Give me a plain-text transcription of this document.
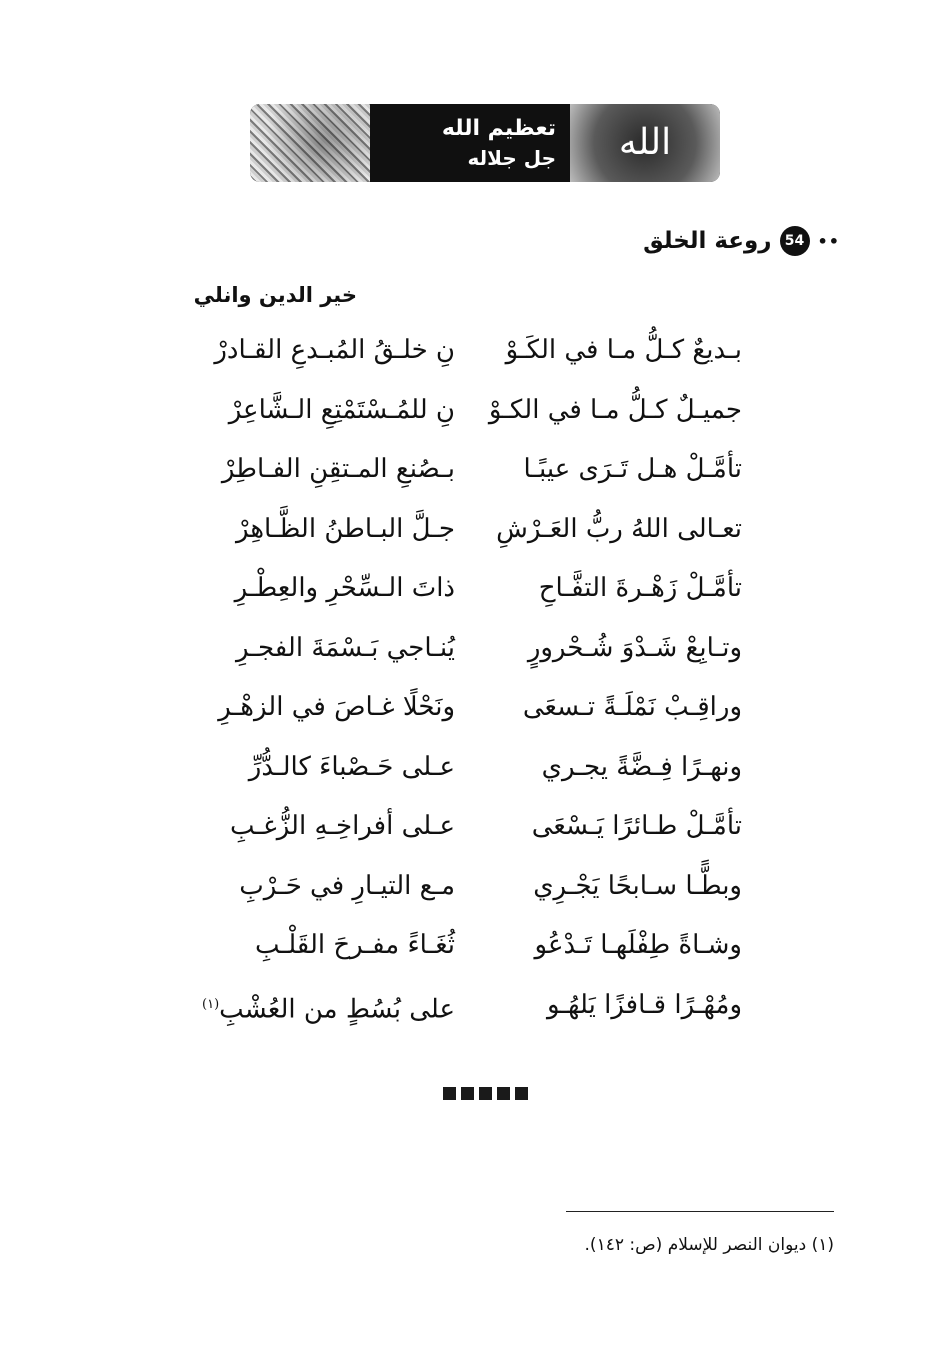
تعظيم الله
جل جلاله	الله
••
54
روعة الخلق
خير الدين وانلي
بـديعٌ كـلُّ مـا في الكَـوْ
نِ خلـقُ المُبـدعِ القـادرْ
جميـلٌ كـلُّ مـا في الكـوْ
نِ للمُـسْتَمْتِعِ الـشَّاعِرْ
تأمَّـلْ هـل تَـرَى عيبًـا
بـصُنعِ المـتقِنِ الفـاطِرْ
تعـالى اللهُ ربُّ العَـرْشِ
جـلَّ البـاطنُ الظَّـاهِرْ
تأمَّـلْ زَهْـرةَ التفَّـاحِ
ذاتَ الـسِّحْرِ والعِطْـرِ
وتـابِعْ شَـدْوَ شُـحْرورٍ
يُنـاجي بَـسْمَةَ الفجـرِ
وراقِـبْ نَمْلَـةً تـسعَى
ونَحْلًا غـاصَ في الزهْـرِ
ونهـرًا فِـضَّةً يجـري
عـلى حَـصْباءَ كالـدُّرِّ
تأمَّـلْ طـائرًا يَـسْعَى
عـلى أفراخِـهِ الزُّغـبِ
وبطًّـا سـابحًا يَجْـرِي
مـع التيـارِ في حَـرْبِ
وشـاةً طِفْلَهـا تَـدْعُو
ثُغَـاءً مفـرحَ القَلْـبِ
ومُهْـرًا قـافزًا يَلهُـو
على بُسُطٍ من العُشْبِ$^{(١)}$
(١) ديوان النصر للإسلام (ص: ١٤٢).
